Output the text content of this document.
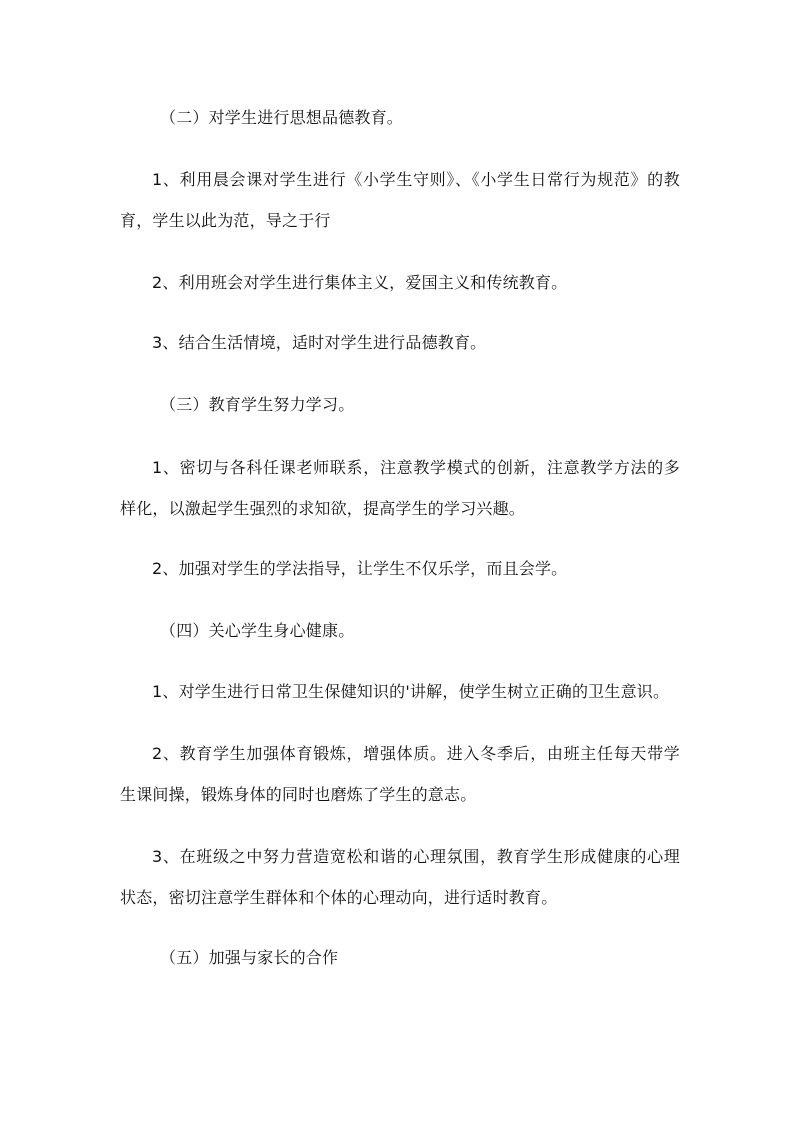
（二）对学生进行思想品德教育。

1、利用晨会课对学生进行《小学生守则》、《小学生日常行为规范》的教育，学生以此为范，导之于行

2、利用班会对学生进行集体主义，爱国主义和传统教育。

3、结合生活情境，适时对学生进行品德教育。

（三）教育学生努力学习。

1、密切与各科任课老师联系，注意教学模式的创新，注意教学方法的多样化，以激起学生强烈的求知欲，提高学生的学习兴趣。

2、加强对学生的学法指导，让学生不仅乐学，而且会学。

（四）关心学生身心健康。

1、对学生进行日常卫生保健知识的'讲解，使学生树立正确的卫生意识。

2、教育学生加强体育锻炼，增强体质。进入冬季后，由班主任每天带学生课间操，锻炼身体的同时也磨炼了学生的意志。

3、在班级之中努力营造宽松和谐的心理氛围，教育学生形成健康的心理状态，密切注意学生群体和个体的心理动向，进行适时教育。

（五）加强与家长的合作
